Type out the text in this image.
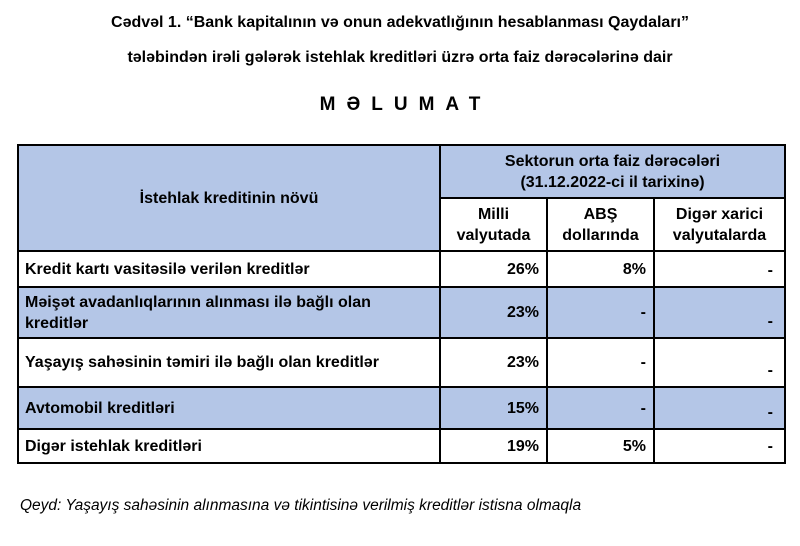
Cədvəl 1. “Bank kapitalının və onun adekvatlığının hesablanması Qaydaları”
tələbindən irəli gələrək istehlak kreditləri üzrə orta faiz dərəcələrinə dair
MƏLUMAT
İstehlak kreditinin növü	Sektorun orta faiz dərəcələri
(31.12.2022-ci il tarixinə)		

	Milli valyutada	ABŞ dollarında	Digər xarici valyutalarda
Kredit kartı vasitəsilə verilən kreditlər	26%	8%	-
Məişət avadanlıqlarının alınması ilə bağlı olan kreditlər	23%	-	-
Yaşayış sahəsinin təmiri ilə bağlı olan kreditlər	23%	-	-
Avtomobil kreditləri	15%	-	-
Digər istehlak kreditləri	19%	5%	-
Qeyd: Yaşayış sahəsinin alınmasına və tikintisinə verilmiş kreditlər istisna olmaqla
